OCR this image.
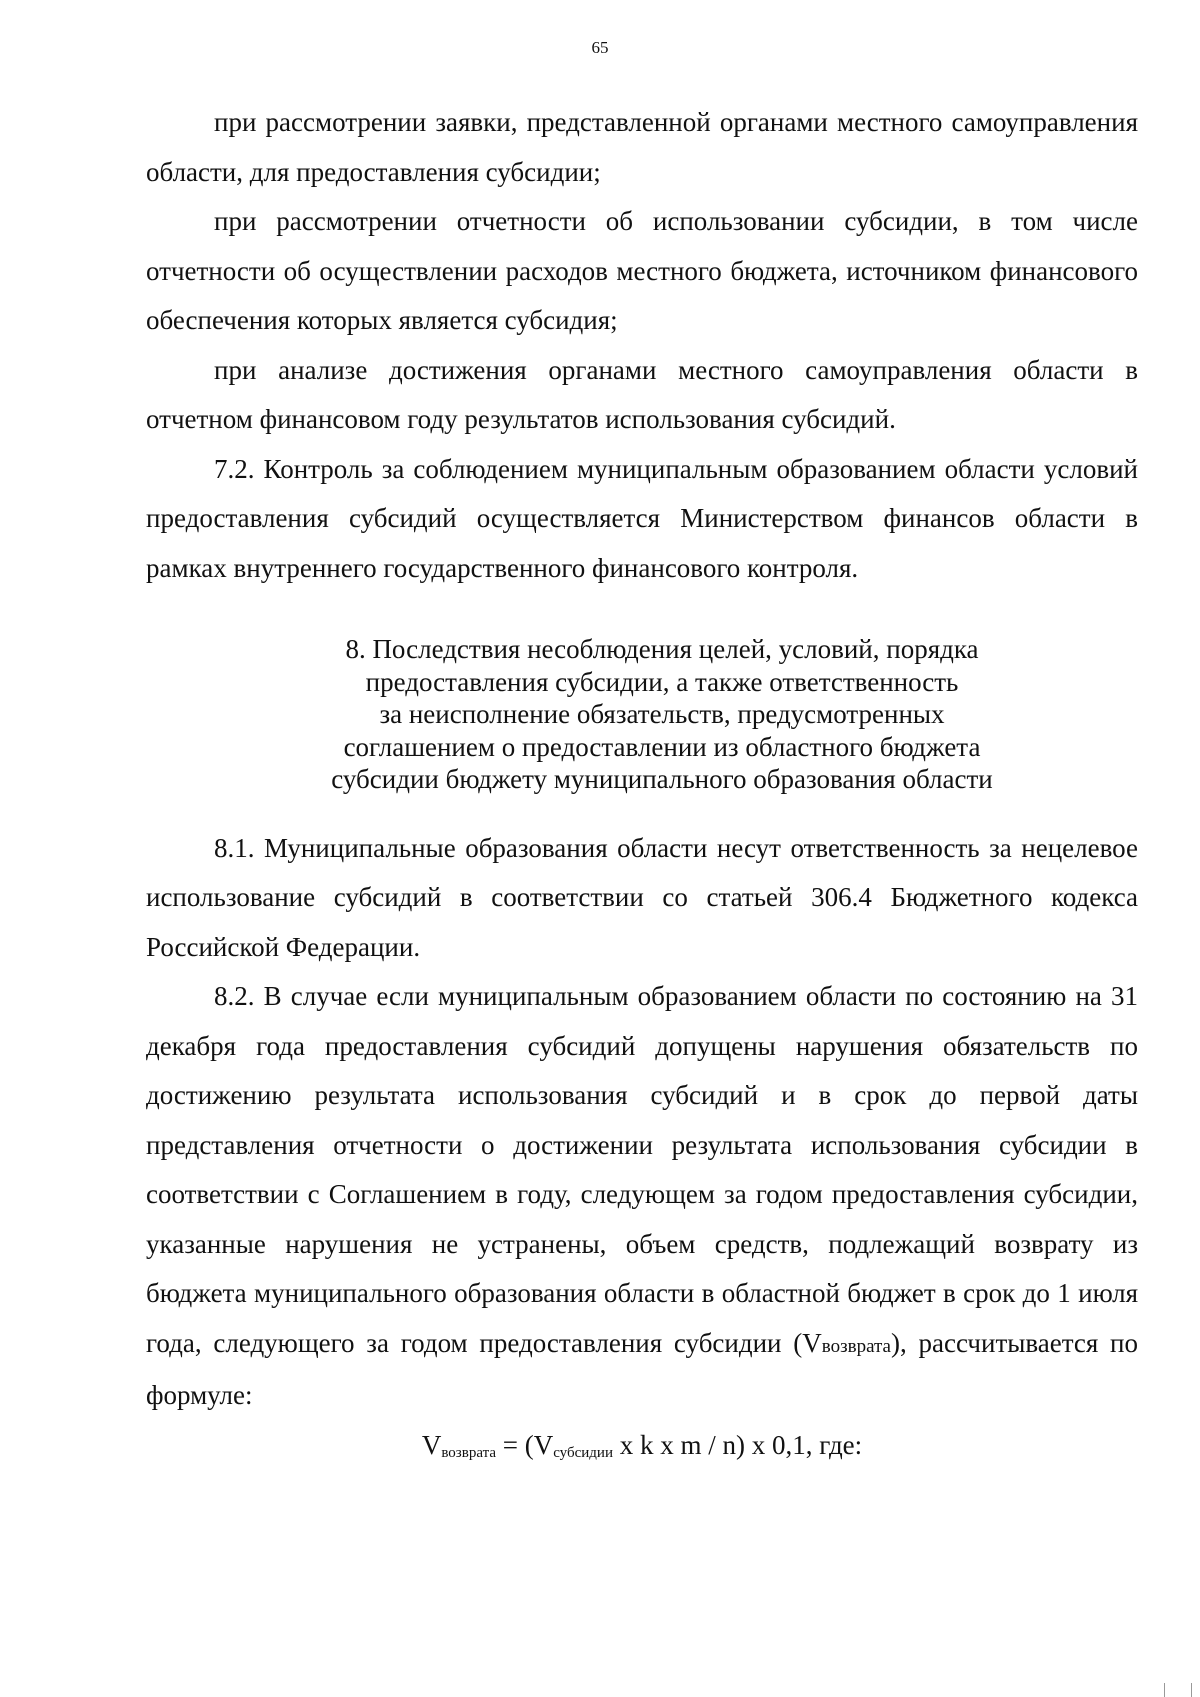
65

при рассмотрении заявки, представленной органами местного самоуправления области, для предоставления субсидии;

при рассмотрении отчетности об использовании субсидии, в том числе отчетности об осуществлении расходов местного бюджета, источником финансового обеспечения которых является субсидия;

при анализе достижения органами местного самоуправления области в отчетном финансовом году результатов использования субсидий.

7.2. Контроль за соблюдением муниципальным образованием области условий предоставления субсидий осуществляется Министерством финансов области в рамках внутреннего государственного финансового контроля.

8. Последствия несоблюдения целей, условий, порядка
предоставления субсидии, а также ответственность
за неисполнение обязательств, предусмотренных
соглашением о предоставлении из областного бюджета
субсидии бюджету муниципального образования области

8.1. Муниципальные образования области несут ответственность за нецелевое использование субсидий в соответствии со статьей 306.4 Бюджетного кодекса Российской Федерации.

8.2. В случае если муниципальным образованием области по состоянию на 31 декабря года предоставления субсидий допущены нарушения обязательств по достижению результата использования субсидий и в срок до первой даты представления отчетности о достижении результата использования субсидии в соответствии с Соглашением в году, следующем за годом предоставления субсидии, указанные нарушения не устранены, объем средств, подлежащий возврату из бюджета муниципального образования области в областной бюджет в срок до 1 июля года, следующего за годом предоставления субсидии (Vвозврата), рассчитывается по формуле:

$V_{возврата} = (V_{субсидии}$ x k x m / n) x 0,1, где:
